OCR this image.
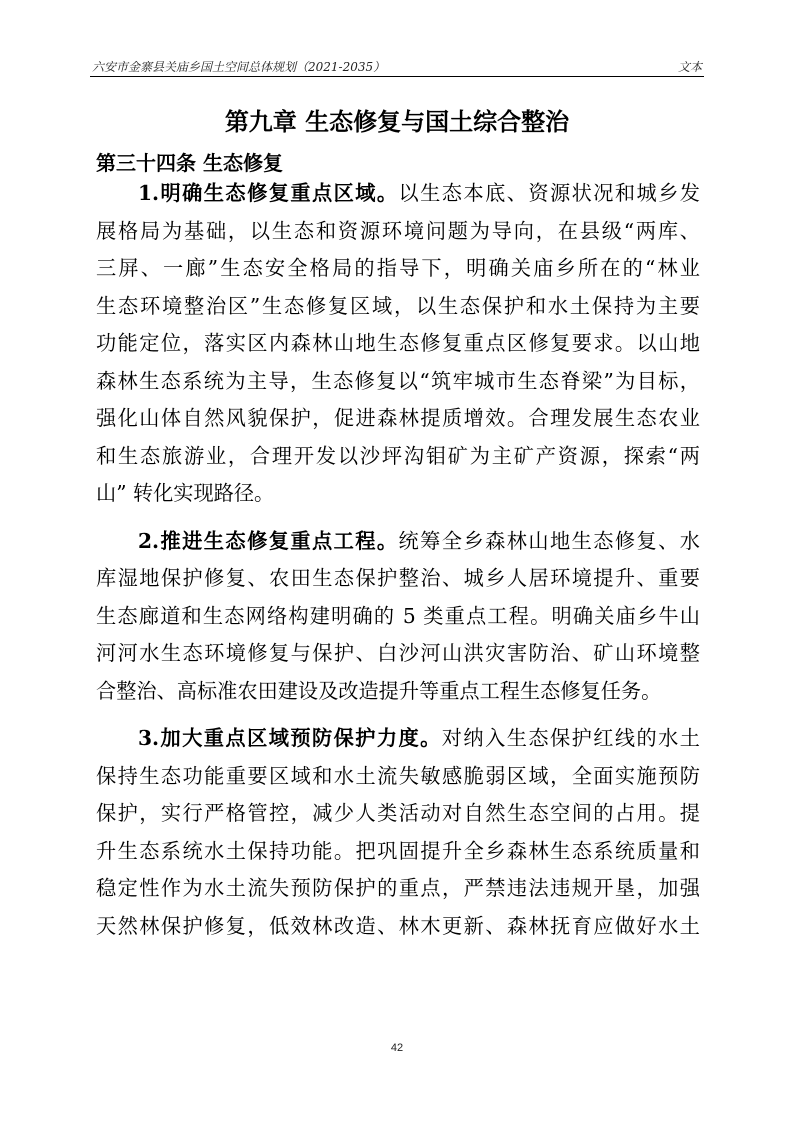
六安市金寨县关庙乡国土空间总体规划（2021-2035）	文本
第九章 生态修复与国土综合整治
第三十四条 生态修复
1.明确生态修复重点区域。以生态本底、资源状况和城乡发
展格局为基础，以生态和资源环境问题为导向，在县级“两库、
三屏、一廊”生态安全格局的指导下，明确关庙乡所在的“林业
生态环境整治区”生态修复区域，以生态保护和水土保持为主要
功能定位，落实区内森林山地生态修复重点区修复要求。以山地
森林生态系统为主导，生态修复以“筑牢城市生态脊梁”为目标，
强化山体自然风貌保护，促进森林提质增效。合理发展生态农业
和生态旅游业，合理开发以沙坪沟钼矿为主矿产资源，探索“两
山” 转化实现路径。
2.推进生态修复重点工程。统筹全乡森林山地生态修复、水
库湿地保护修复、农田生态保护整治、城乡人居环境提升、重要
生态廊道和生态网络构建明确的 5 类重点工程。明确关庙乡牛山
河河水生态环境修复与保护、白沙河山洪灾害防治、矿山环境整
合整治、高标准农田建设及改造提升等重点工程生态修复任务。
3.加大重点区域预防保护力度。对纳入生态保护红线的水土
保持生态功能重要区域和水土流失敏感脆弱区域，全面实施预防
保护，实行严格管控，减少人类活动对自然生态空间的占用。提
升生态系统水土保持功能。把巩固提升全乡森林生态系统质量和
稳定性作为水土流失预防保护的重点，严禁违法违规开垦，加强
天然林保护修复，低效林改造、林木更新、森林抚育应做好水土
42
